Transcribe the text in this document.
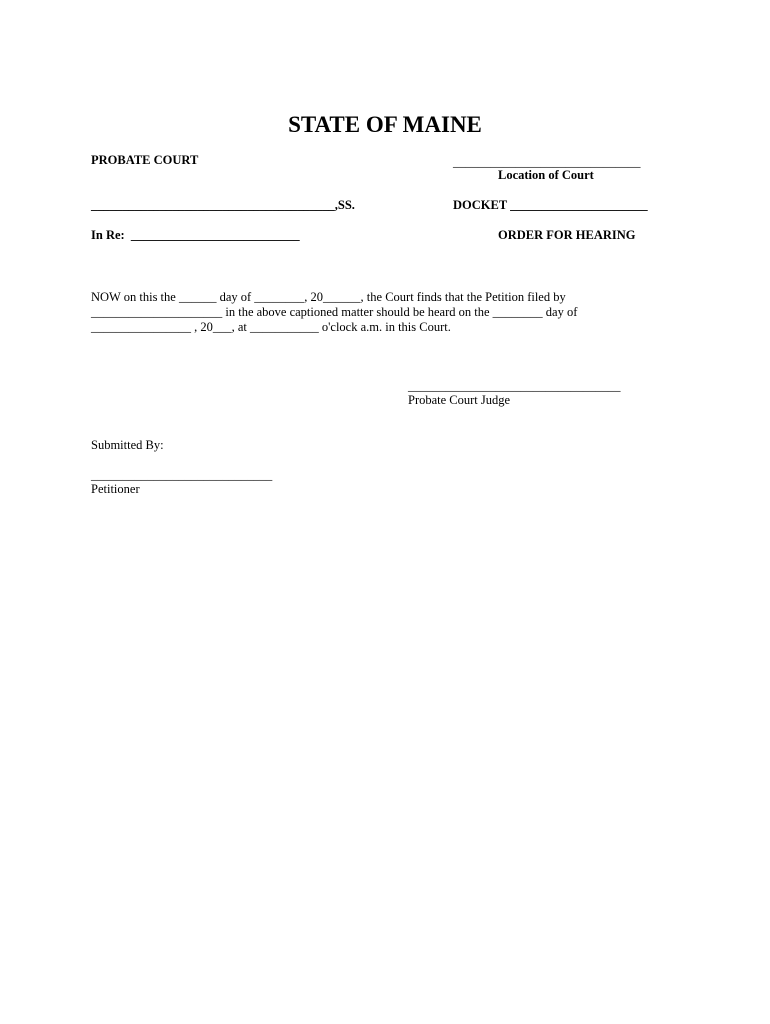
STATE OF MAINE
PROBATE COURT	______________________________
Location of Court
_______________________________________,SS.	DOCKET ______________________
In Re:  ___________________________	ORDER FOR HEARING
NOW on this the ______ day of ________, 20______, the Court finds that the Petition filed by
_____________________ in the above captioned matter should be heard on the ________ day of
________________ , 20___, at ___________ o'clock a.m. in this Court.
__________________________________
Probate Court Judge
Submitted By:
_____________________________
Petitioner
